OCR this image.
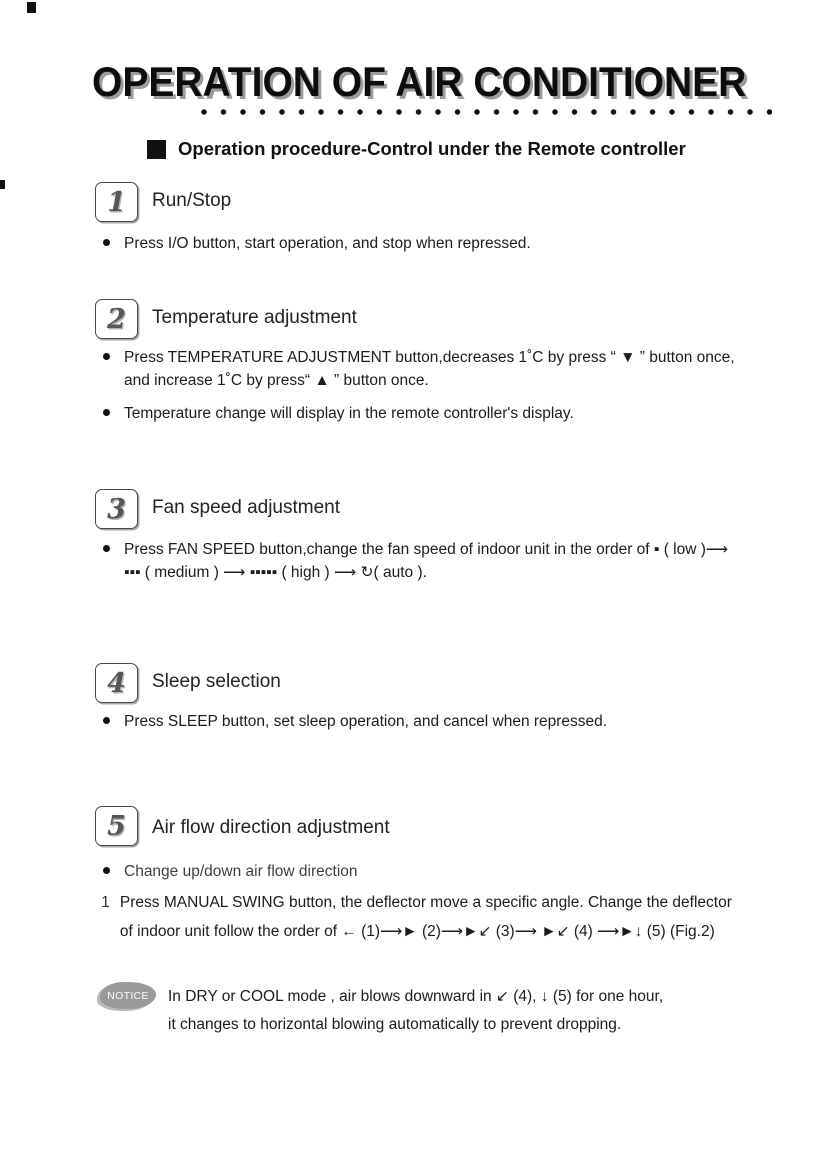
OPERATION OF AIR CONDITIONER
Operation procedure-Control under the Remote controller
1 Run/Stop
Press I/O button, start operation, and stop when repressed.
2 Temperature adjustment
Press TEMPERATURE ADJUSTMENT button,decreases 1˚C by press “ ▼ ” button once,
and increase 1˚C by press“ ▲ ” button once.
Temperature change will display in the remote controller's display.
3 Fan speed adjustment
Press FAN SPEED button,change the fan speed of indoor unit in the order of ▪ ( low )⟶
▪▪▪ ( medium ) ⟶ ▪▪▪▪▪ ( high ) ⟶ ↻( auto ).
4 Sleep selection
Press SLEEP button, set sleep operation, and cancel when repressed.
5 Air flow direction adjustment
Change up/down air flow direction
1 Press MANUAL SWING button, the deflector move a specific angle. Change the deflector
of indoor unit follow the order of ← (1)⟶► (2)⟶►↙ (3)⟶ ►↙ (4) ⟶►↓ (5) (Fig.2)
NOTICE In DRY or COOL mode , air blows downward in ↙ (4), ↓ (5) for one hour,
it changes to horizontal blowing automatically to prevent dropping.
